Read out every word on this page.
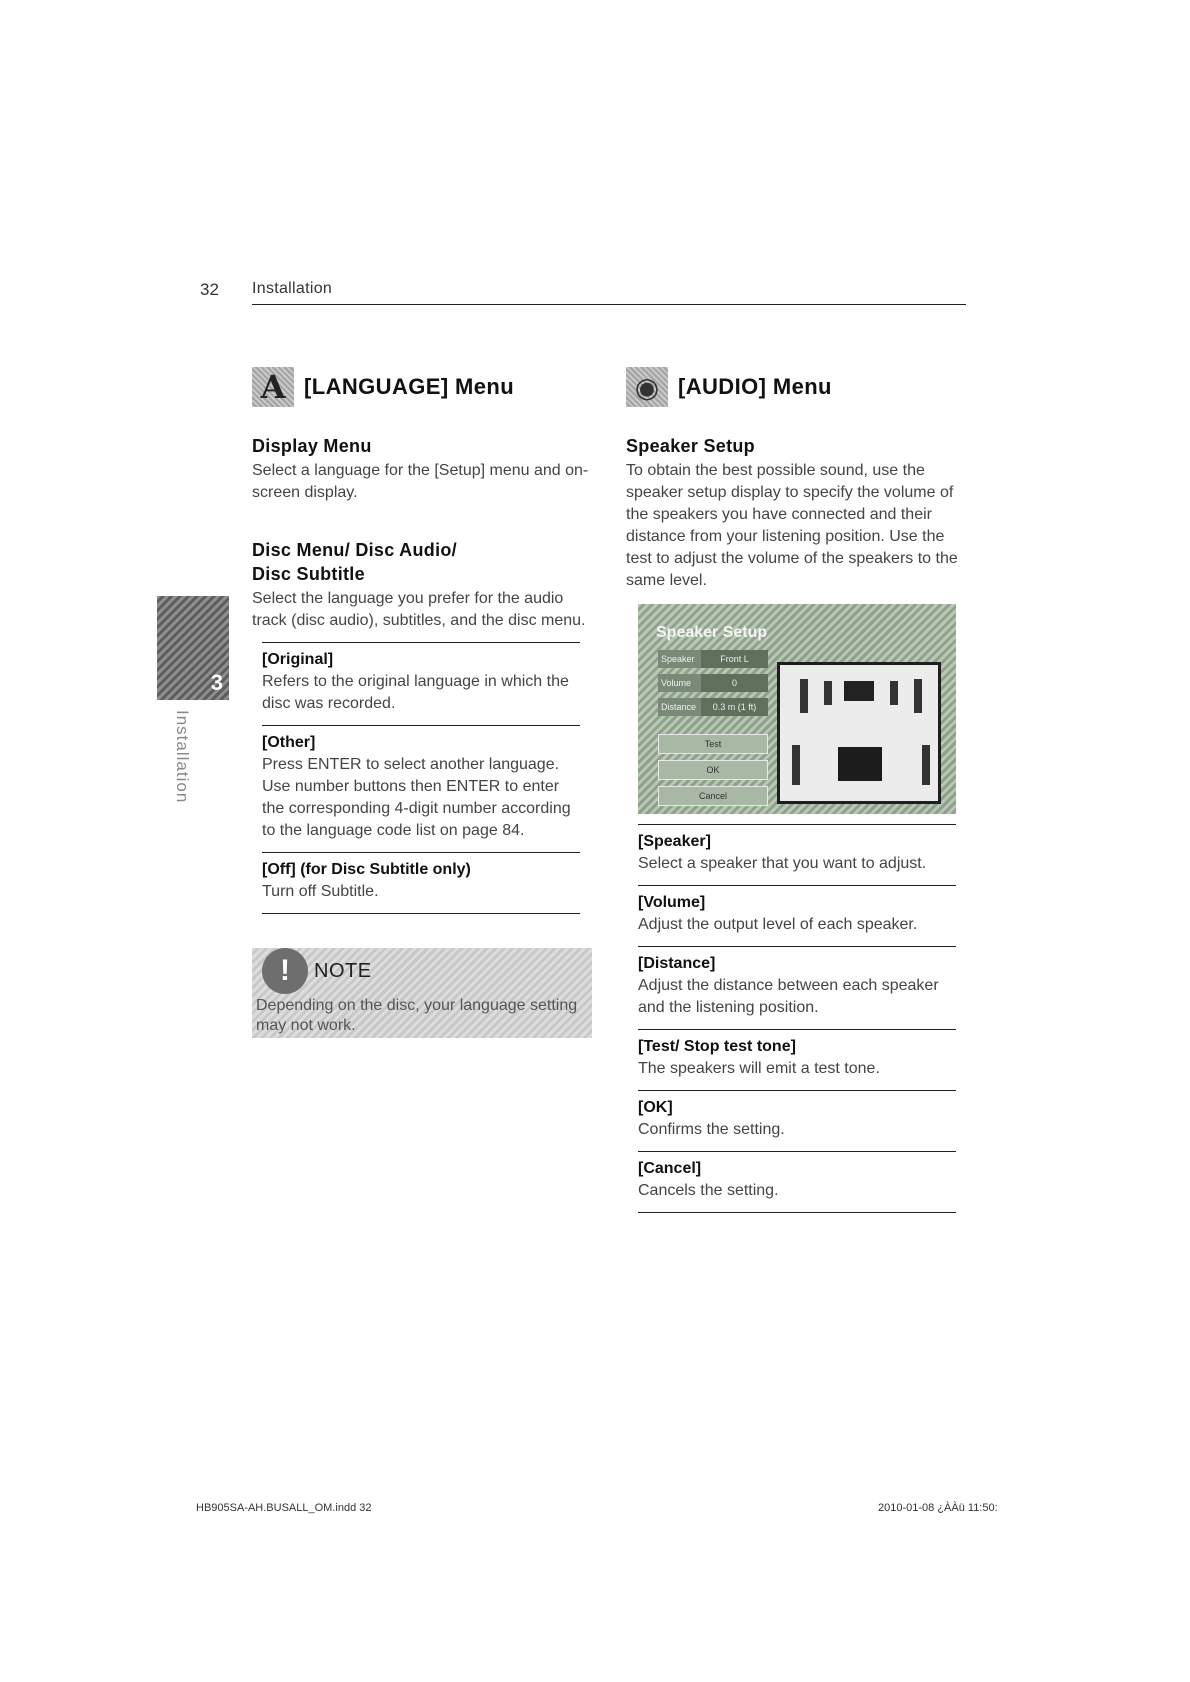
32 Installation
3
Installation
A [LANGUAGE] Menu
Display Menu

Select a language for the [Setup] menu and on-screen display.

Disc Menu/ Disc Audio/ Disc Subtitle

Select the language you prefer for the audio track (disc audio), subtitles, and the disc menu.

[Original]
Refers to the original language in which the disc was recorded.
[Other]
Press ENTER to select another language. Use number buttons then ENTER to enter the corresponding 4-digit number according to the language code list on page 84.
[Off] (for Disc Subtitle only)
Turn off Subtitle.
!	NOTE
Depending on the disc, your language setting may not work.
◉ [AUDIO] Menu
Speaker Setup

To obtain the best possible sound, use the speaker setup display to specify the volume of the speakers you have connected and their distance from your listening position. Use the test to adjust the volume of the speakers to the same level.

Speaker Setup
Speaker	Front L
Volume	0
Distance	0.3 m (1 ft)
Test
OK
Cancel
[Speaker]
Select a speaker that you want to adjust.
[Volume]
Adjust the output level of each speaker.
[Distance]
Adjust the distance between each speaker and the listening position.
[Test/ Stop test tone]
The speakers will emit a test tone.
[OK]
Confirms the setting.
[Cancel]
Cancels the setting.
HB905SA-AH.BUSALL_OM.indd 32	2010-01-08 ¿ÀÀü 11:50:
